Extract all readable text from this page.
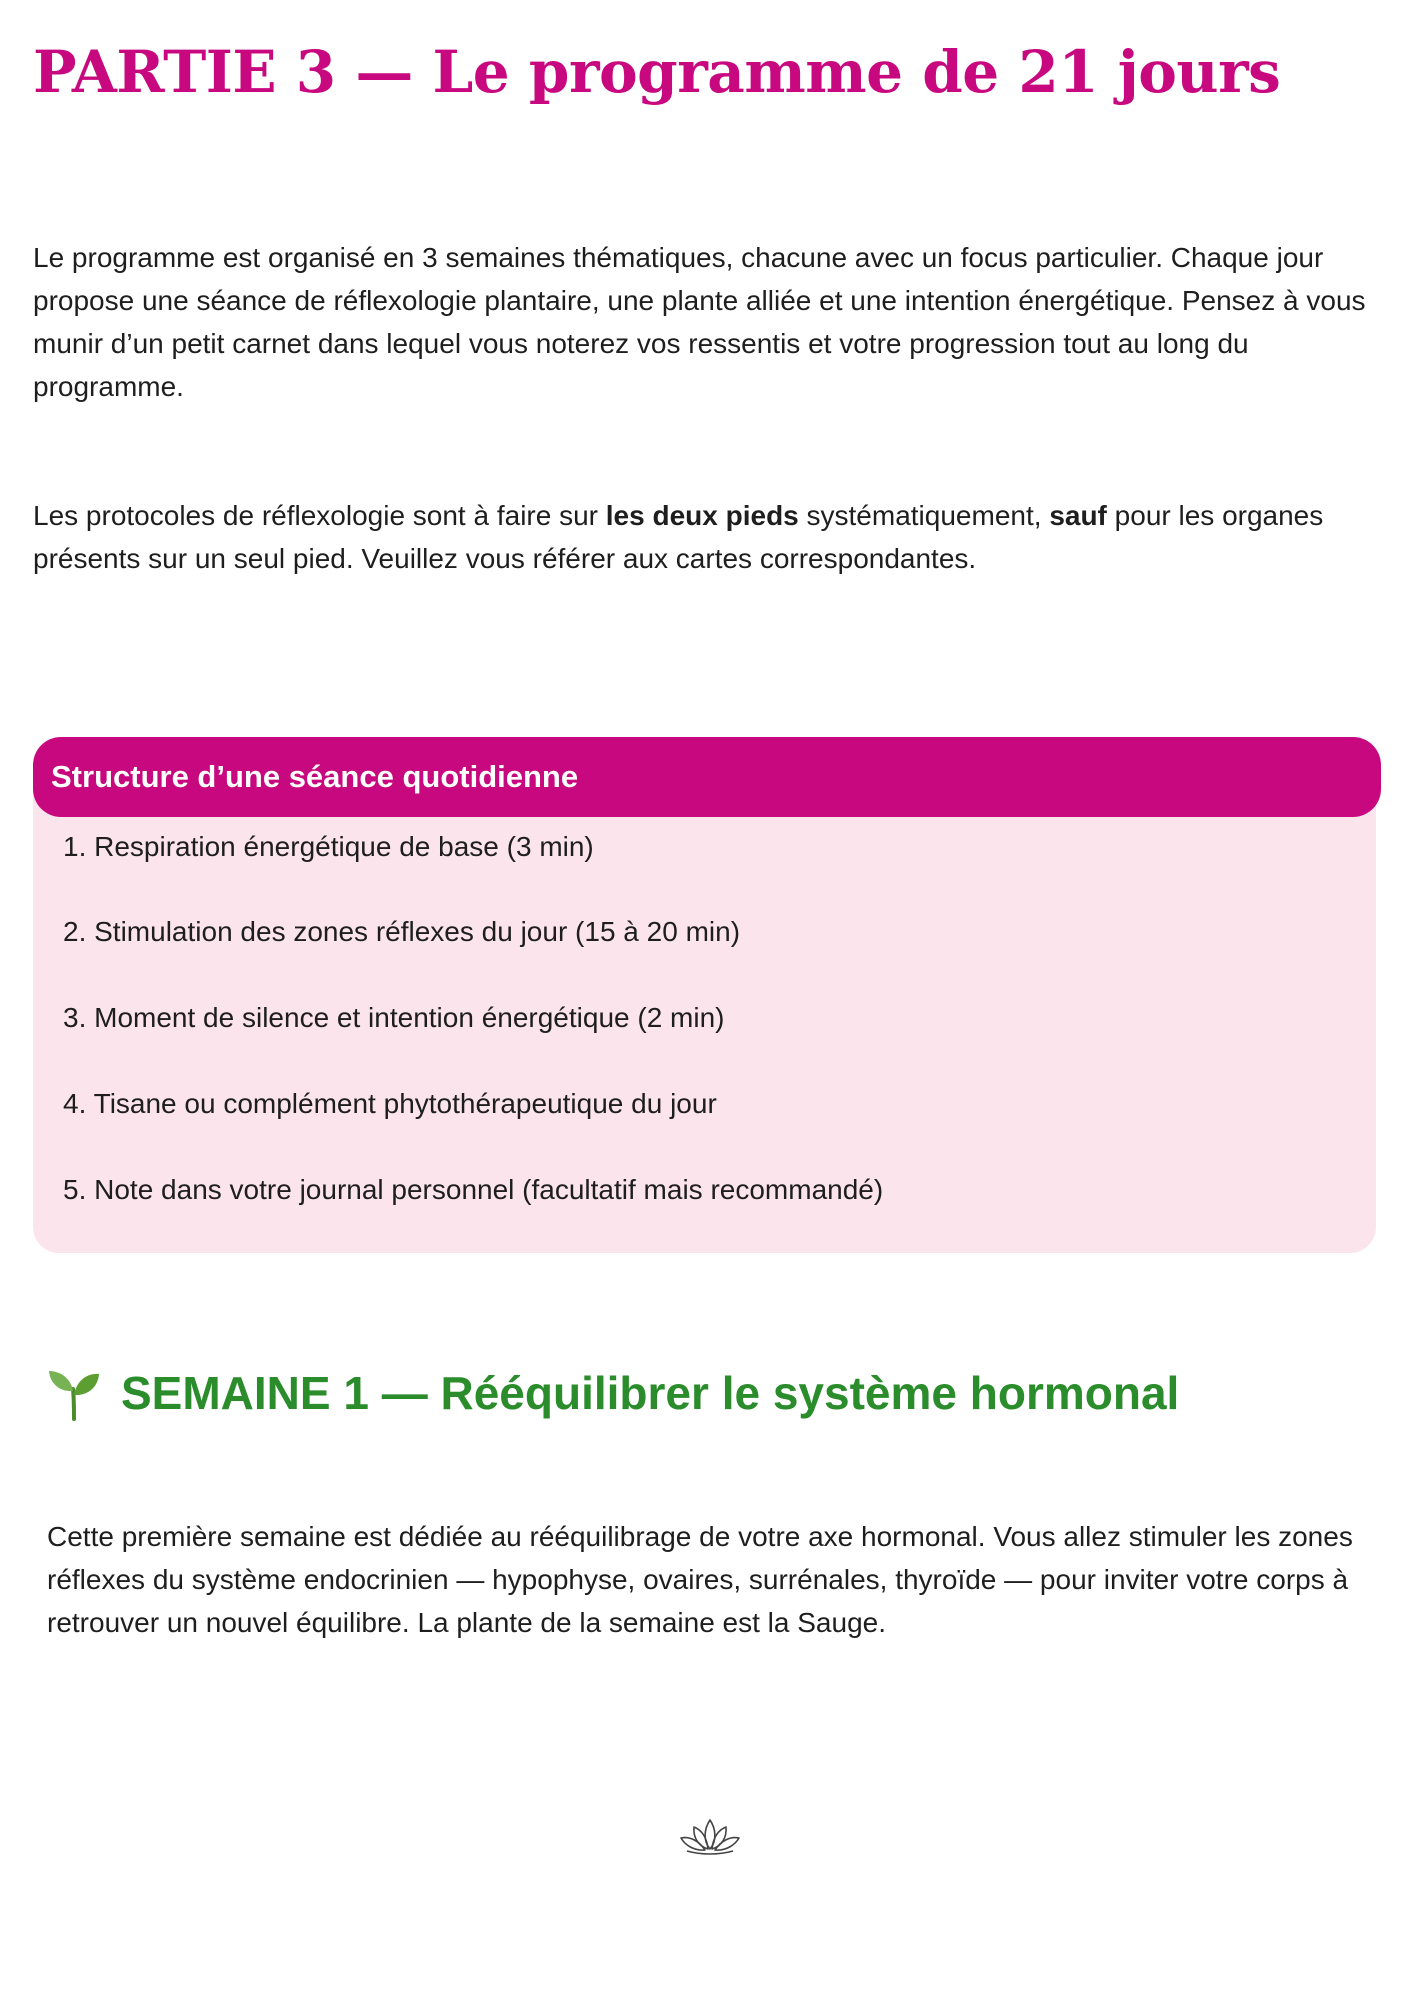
PARTIE 3 — Le programme de 21 jours

Le programme est organisé en 3 semaines thématiques, chacune avec un focus particulier. Chaque jour propose une séance de réflexologie plantaire, une plante alliée et une intention énergétique. Pensez à vous munir d’un petit carnet dans lequel vous noterez vos ressentis et votre progression tout au long du programme.

Les protocoles de réflexologie sont à faire sur les deux pieds systématiquement, sauf pour les organes présents sur un seul pied. Veuillez vous référer aux cartes correspondantes.

Structure d’une séance quotidienne
1. Respiration énergétique de base (3 min)
2. Stimulation des zones réflexes du jour (15 à 20 min)
3. Moment de silence et intention énergétique (2 min)
4. Tisane ou complément phytothérapeutique du jour
5. Note dans votre journal personnel (facultatif mais recommandé)
SEMAINE 1 — Rééquilibrer le système hormonal

Cette première semaine est dédiée au rééquilibrage de votre axe hormonal. Vous allez stimuler les zones réflexes du système endocrinien — hypophyse, ovaires, surrénales, thyroïde — pour inviter votre corps à retrouver un nouvel équilibre. La plante de la semaine est la Sauge.
